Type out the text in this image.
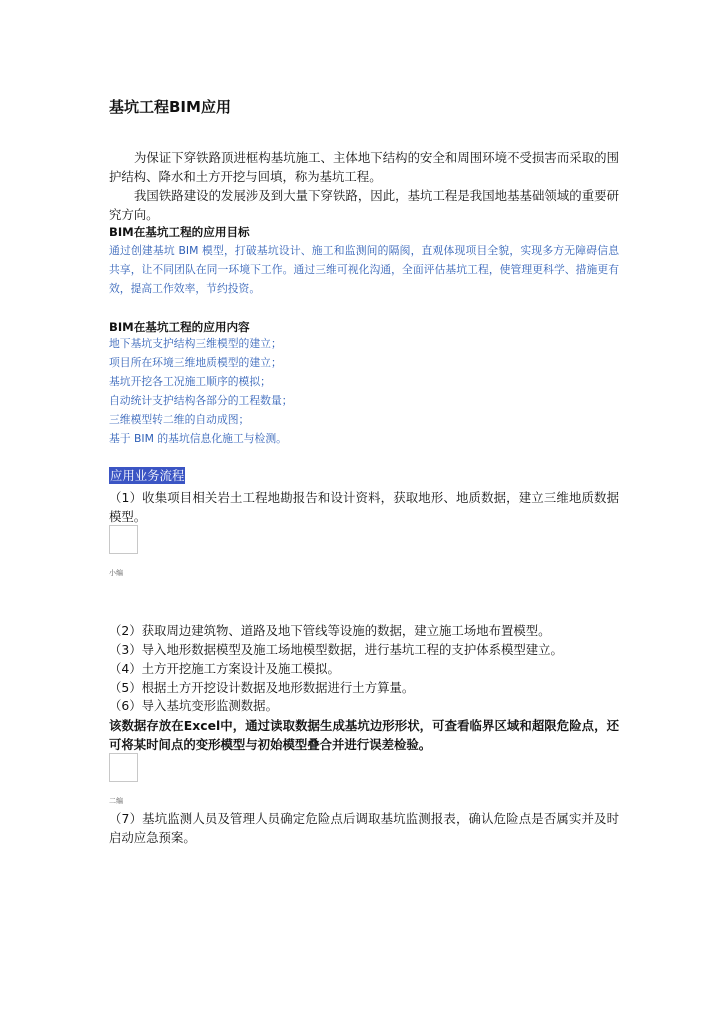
基坑工程BIM应用
为保证下穿铁路顶进框构基坑施工、主体地下结构的安全和周围环境不受损害而采取的围护结构、降水和土方开挖与回填，称为基坑工程。
我国铁路建设的发展涉及到大量下穿铁路，因此，基坑工程是我国地基基础领域的重要研究方向。
BIM在基坑工程的应用目标
通过创建基坑 BIM 模型，打破基坑设计、施工和监测间的隔阂，直观体现项目全貌，实现多方无障碍信息共享，让不同团队在同一环境下工作。通过三维可视化沟通，全面评估基坑工程，使管理更科学、措施更有效，提高工作效率，节约投资。
BIM在基坑工程的应用内容
地下基坑支护结构三维模型的建立；
项目所在环境三维地质模型的建立；
基坑开挖各工况施工顺序的模拟；
自动统计支护结构各部分的工程数量；
三维模型转二维的自动成图；
基于 BIM 的基坑信息化施工与检测。
应用业务流程
（1）收集项目相关岩土工程地勘报告和设计资料，获取地形、地质数据，建立三维地质数据模型。
小编
（2）获取周边建筑物、道路及地下管线等设施的数据，建立施工场地布置模型。
（3）导入地形数据模型及施工场地模型数据，进行基坑工程的支护体系模型建立。
（4）土方开挖施工方案设计及施工模拟。
（5）根据土方开挖设计数据及地形数据进行土方算量。
（6）导入基坑变形监测数据。
该数据存放在Excel中，通过读取数据生成基坑边形形状，可查看临界区域和超限危险点，还可将某时间点的变形模型与初始模型叠合并进行误差检验。
二编
（7）基坑监测人员及管理人员确定危险点后调取基坑监测报表，确认危险点是否属实并及时启动应急预案。
